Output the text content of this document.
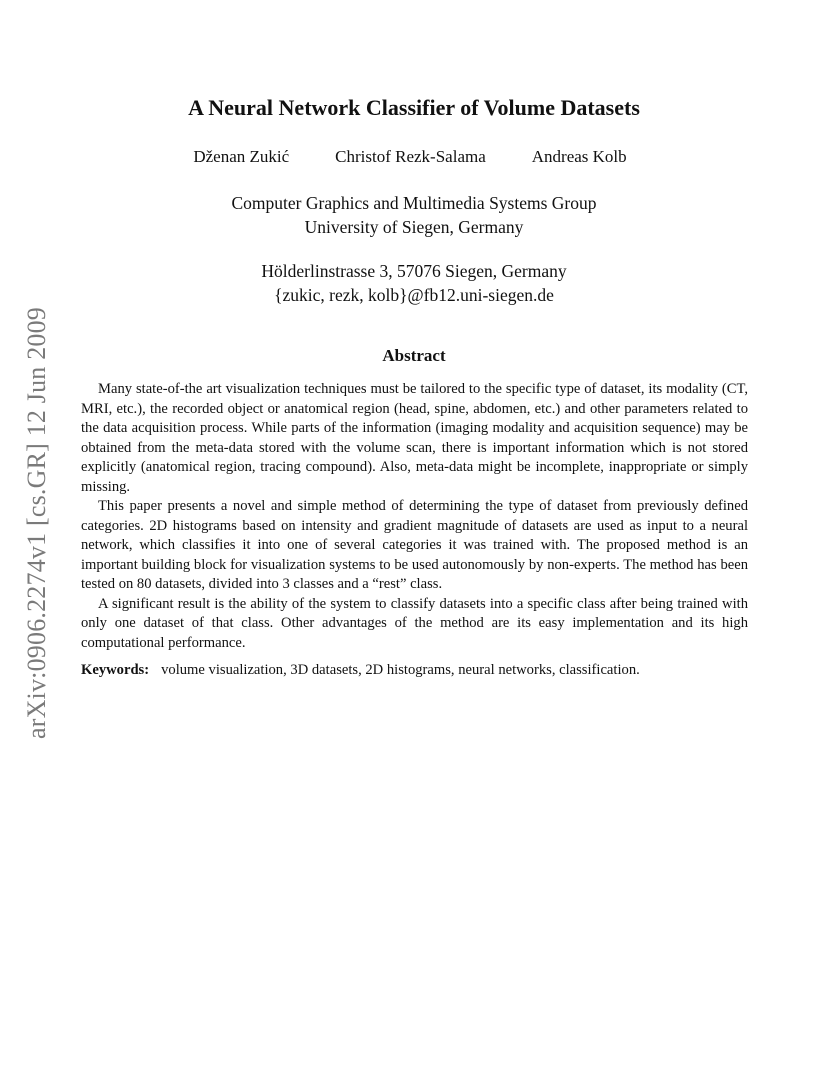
arXiv:0906.2274v1 [cs.GR] 12 Jun 2009
A Neural Network Classifier of Volume Datasets
Dženan Zukić	Christof Rezk-Salama	Andreas Kolb
Computer Graphics and Multimedia Systems Group
University of Siegen, Germany
Hölderlinstrasse 3, 57076 Siegen, Germany
{zukic, rezk, kolb}@fb12.uni-siegen.de
Abstract

Many state-of-the art visualization techniques must be tailored to the specific type of dataset, its modality (CT, MRI, etc.), the recorded object or anatomical region (head, spine, abdomen, etc.) and other parameters related to the data acquisition process. While parts of the information (imaging modality and acquisition sequence) may be obtained from the meta-data stored with the volume scan, there is important information which is not stored explicitly (anatomical region, tracing compound). Also, meta-data might be incomplete, inappropriate or simply missing.

This paper presents a novel and simple method of determining the type of dataset from previously defined categories. 2D histograms based on intensity and gradient magnitude of datasets are used as input to a neural network, which classifies it into one of several categories it was trained with. The proposed method is an important building block for visualization systems to be used autonomously by non-experts. The method has been tested on 80 datasets, divided into 3 classes and a “rest” class.

A significant result is the ability of the system to classify datasets into a specific class after being trained with only one dataset of that class. Other advantages of the method are its easy implementation and its high computational performance.

Keywords: volume visualization, 3D datasets, 2D histograms, neural networks, classification.
